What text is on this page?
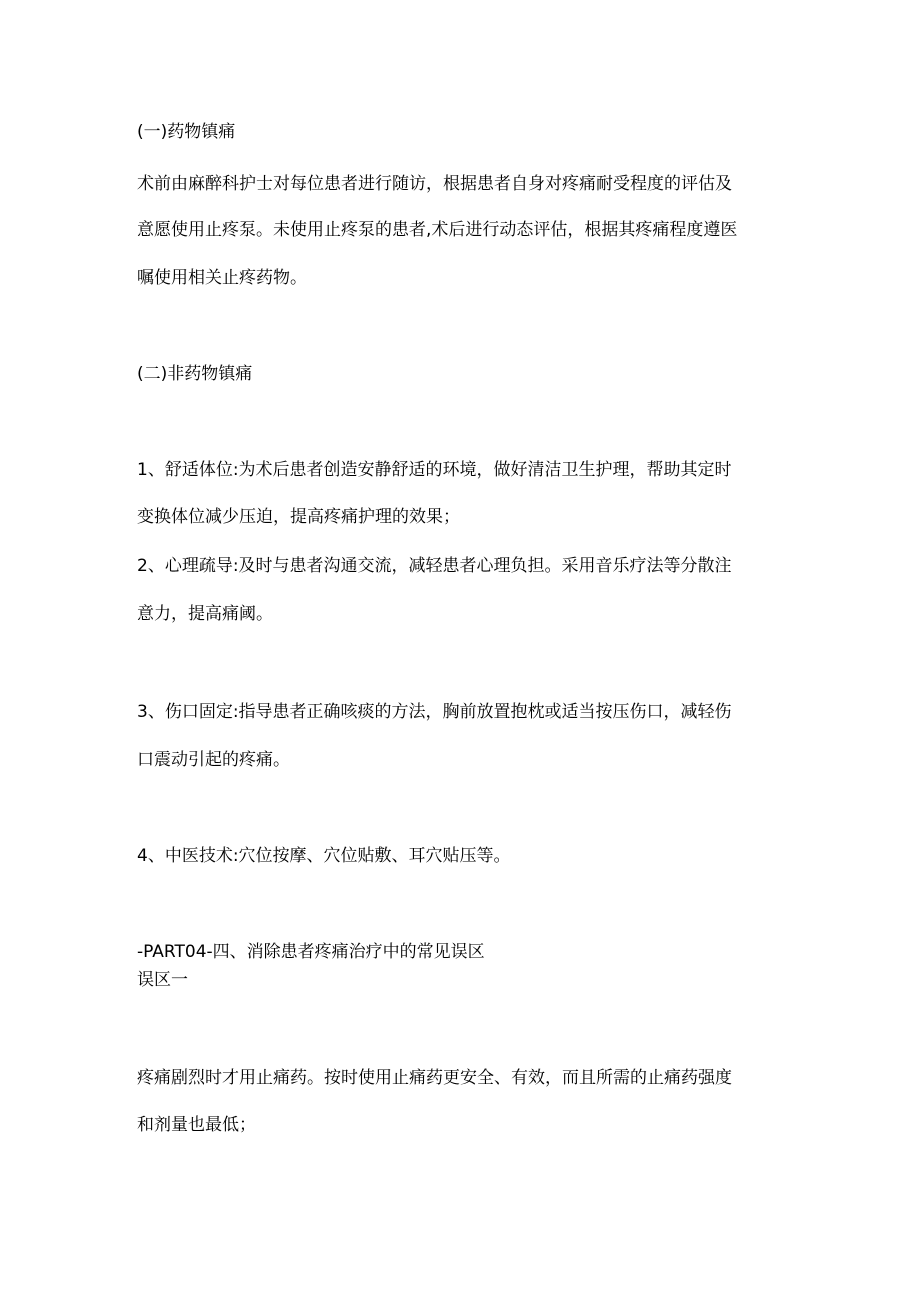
(一)药物镇痛
术前由麻醉科护士对每位患者进行随访，根据患者自身对疼痛耐受程度的评估及
意愿使用止疼泵。未使用止疼泵的患者,术后进行动态评估，根据其疼痛程度遵医
嘱使用相关止疼药物。
(二)非药物镇痛
1、舒适体位:为术后患者创造安静舒适的环境，做好清洁卫生护理，帮助其定时
变换体位减少压迫，提高疼痛护理的效果；
2、心理疏导:及时与患者沟通交流，减轻患者心理负担。采用音乐疗法等分散注
意力，提高痛阈。
3、伤口固定:指导患者正确咳痰的方法，胸前放置抱枕或适当按压伤口，减轻伤
口震动引起的疼痛。
4、中医技术:穴位按摩、穴位贴敷、耳穴贴压等。
-PART04-四、消除患者疼痛治疗中的常见误区
误区一
疼痛剧烈时才用止痛药。按时使用止痛药更安全、有效，而且所需的止痛药强度
和剂量也最低；
